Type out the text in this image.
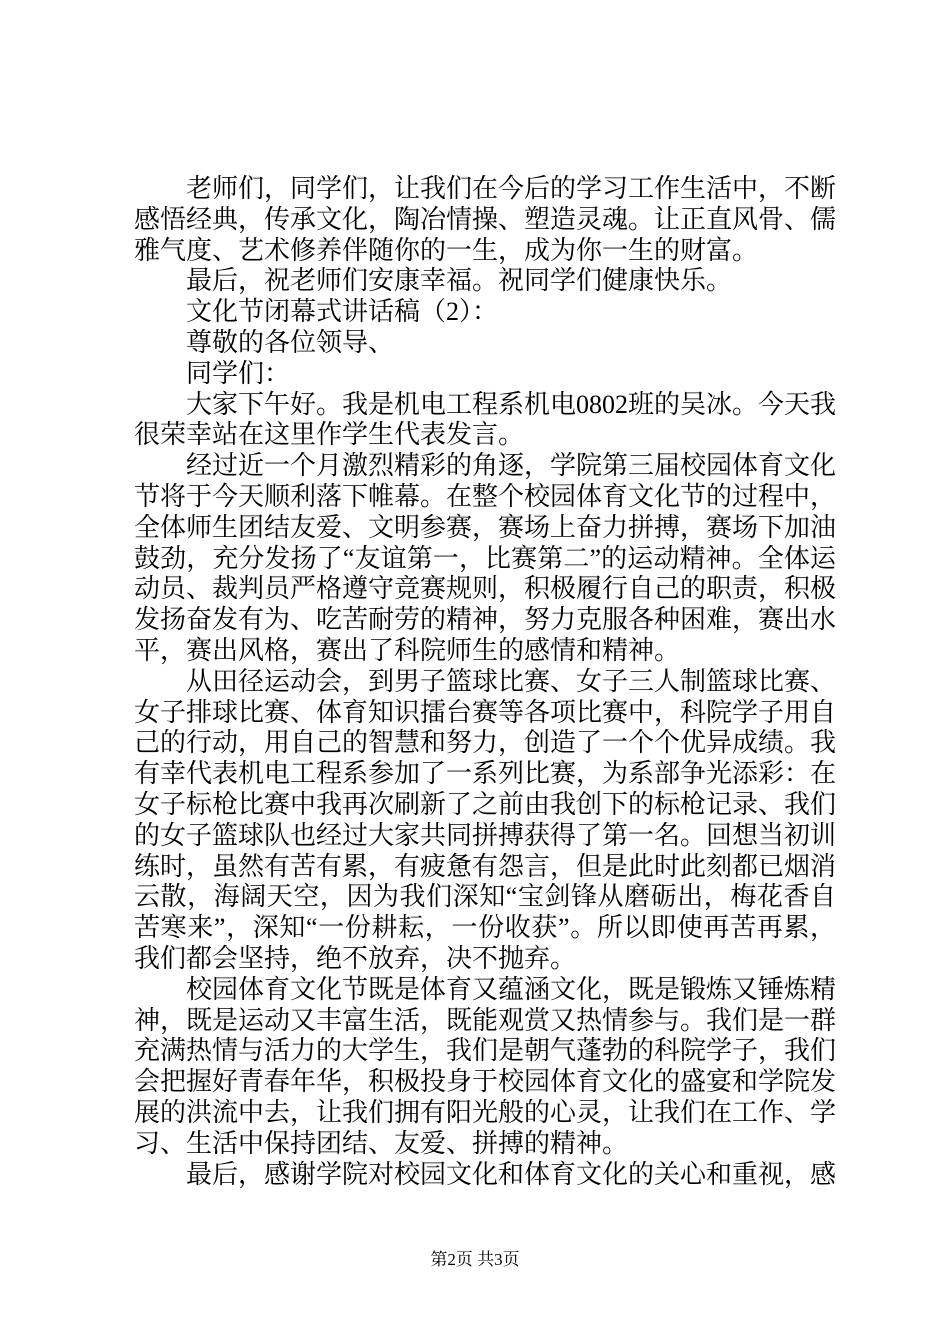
老师们，同学们，让我们在今后的学习工作生活中，不断感悟经典，传承文化，陶冶情操、塑造灵魂。让正直风骨、儒雅气度、艺术修养伴随你的一生，成为你一生的财富。

最后，祝老师们安康幸福。祝同学们健康快乐。

文化节闭幕式讲话稿（2）：

尊敬的各位领导、

同学们：

大家下午好。我是机电工程系机电0802班的吴冰。今天我很荣幸站在这里作学生代表发言。

经过近一个月激烈精彩的角逐，学院第三届校园体育文化节将于今天顺利落下帷幕。在整个校园体育文化节的过程中，全体师生团结友爱、文明参赛，赛场上奋力拼搏，赛场下加油鼓劲，充分发扬了“友谊第一，比赛第二”的运动精神。全体运动员、裁判员严格遵守竞赛规则，积极履行自己的职责，积极发扬奋发有为、吃苦耐劳的精神，努力克服各种困难，赛出水平，赛出风格，赛出了科院师生的感情和精神。

从田径运动会，到男子篮球比赛、女子三人制篮球比赛、女子排球比赛、体育知识擂台赛等各项比赛中，科院学子用自己的行动，用自己的智慧和努力，创造了一个个优异成绩。我有幸代表机电工程系参加了一系列比赛，为系部争光添彩：在女子标枪比赛中我再次刷新了之前由我创下的标枪记录、我们的女子篮球队也经过大家共同拼搏获得了第一名。回想当初训练时，虽然有苦有累，有疲惫有怨言，但是此时此刻都已烟消云散，海阔天空，因为我们深知“宝剑锋从磨砺出，梅花香自苦寒来”，深知“一份耕耘，一份收获”。所以即使再苦再累，我们都会坚持，绝不放弃，决不抛弃。

校园体育文化节既是体育又蕴涵文化，既是锻炼又锤炼精神，既是运动又丰富生活，既能观赏又热情参与。我们是一群充满热情与活力的大学生，我们是朝气蓬勃的科院学子，我们会把握好青春年华，积极投身于校园体育文化的盛宴和学院发展的洪流中去，让我们拥有阳光般的心灵，让我们在工作、学习、生活中保持团结、友爱、拼搏的精神。

最后，感谢学院对校园文化和体育文化的关心和重视，感

第2页 共3页
